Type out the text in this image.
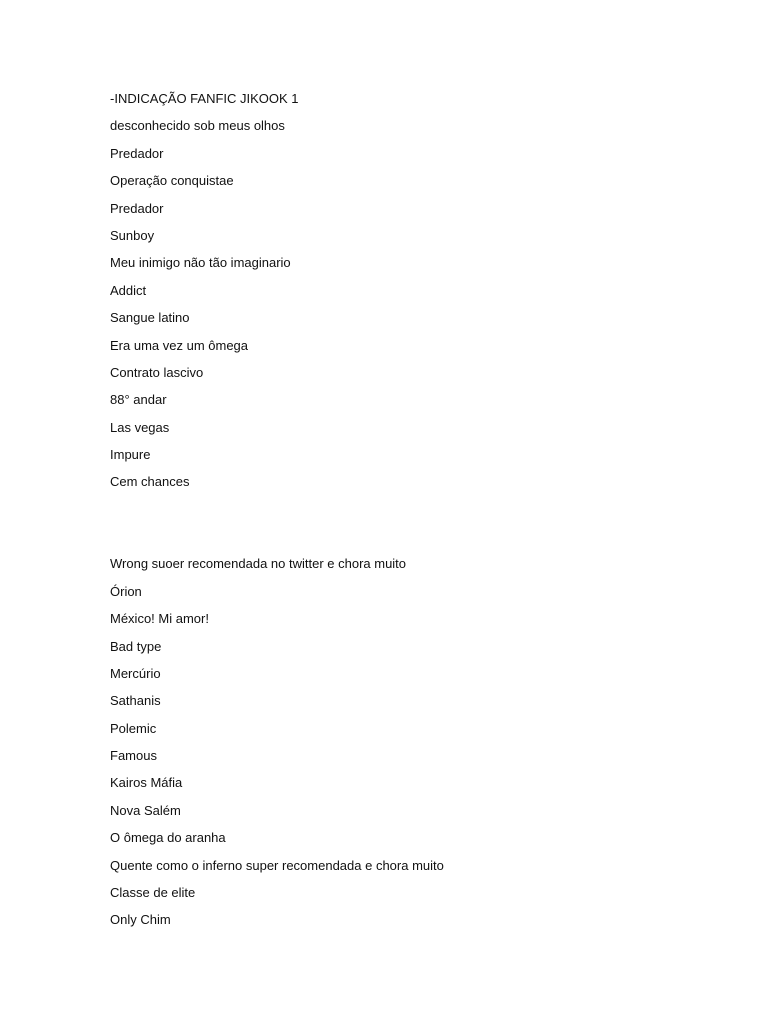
-INDICAÇÃO FANFIC JIKOOK 1

desconhecido sob meus olhos

Predador

Operação conquistae

Predador

Sunboy

Meu inimigo não tão imaginario

Addict

Sangue latino

Era uma vez um ômega

Contrato lascivo

88° andar

Las vegas

Impure

Cem chances

Wrong suoer recomendada no twitter e chora muito

Órion

México! Mi amor!

Bad type

Mercúrio

Sathanis

Polemic

Famous

Kairos Máfia

Nova Salém

O ômega do aranha

Quente como o inferno super recomendada e chora muito

Classe de elite

Only Chim
